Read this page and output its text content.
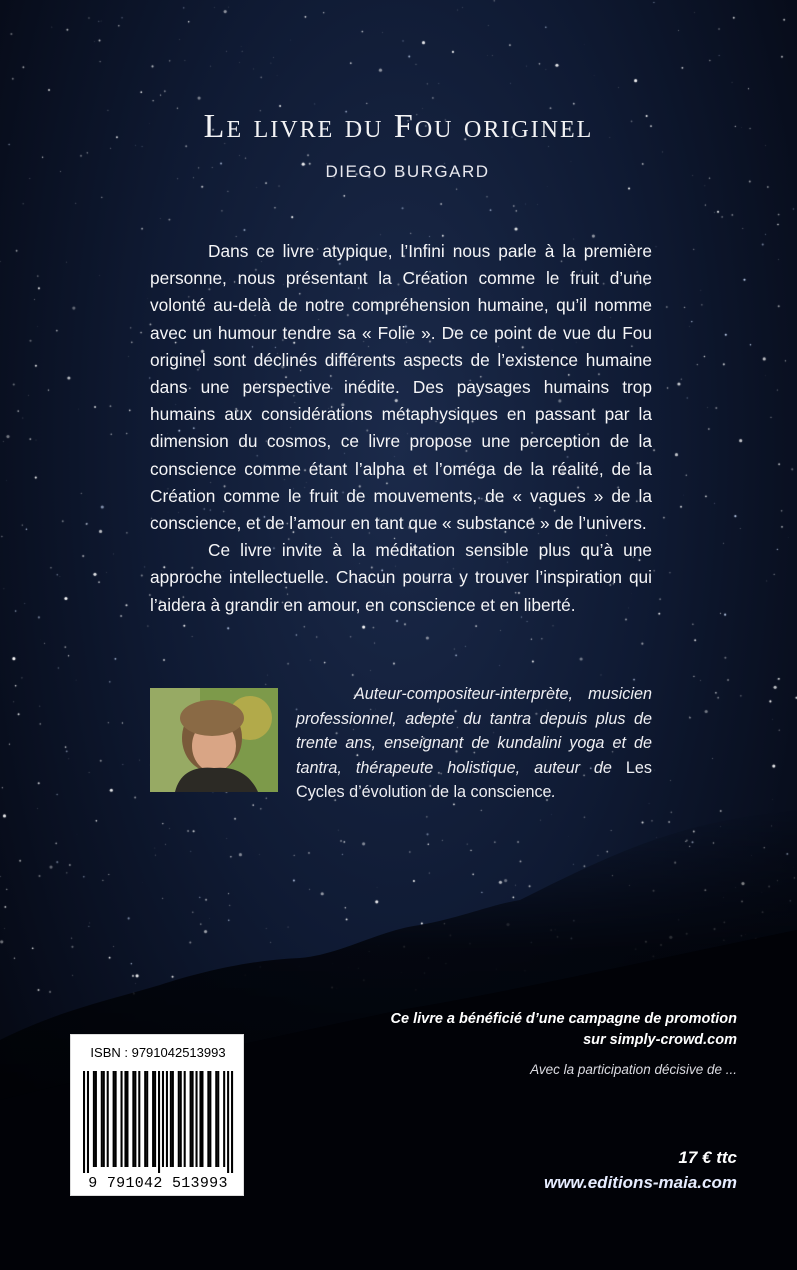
Le livre du Fou originel
DIEGO BURGARD

Dans ce livre atypique, l’Infini nous parle à la première personne, nous présentant la Création comme le fruit d’une volonté au-delà de notre compréhension humaine, qu’il nomme avec un humour tendre sa « Folie ». De ce point de vue du Fou originel sont déclinés différents aspects de l’existence humaine dans une perspective inédite. Des paysages humains trop humains aux considérations métaphysiques en passant par la dimension du cosmos, ce livre propose une perception de la conscience comme étant l’alpha et l’oméga de la réalité, de la Création comme le fruit de mouvements, de « vagues » de la conscience, et de l’amour en tant que « substance » de l’univers.

Ce livre invite à la méditation sensible plus qu’à une approche intellectuelle. Chacun pourra y trouver l’inspiration qui l’aidera à grandir en amour, en conscience et en liberté.

Auteur-compositeur-interprète, musicien professionnel, adepte du tantra depuis plus de trente ans, enseignant de kundalini yoga et de tantra, thérapeute holistique, auteur de Les Cycles d’évolution de la conscience.
Ce livre a bénéficié d’une campagne de promotion
sur simply-crowd.com
Avec la participation décisive de ...
17 € ttc
www.editions-maia.com
ISBN : 9791042513993
9 791042 513993
